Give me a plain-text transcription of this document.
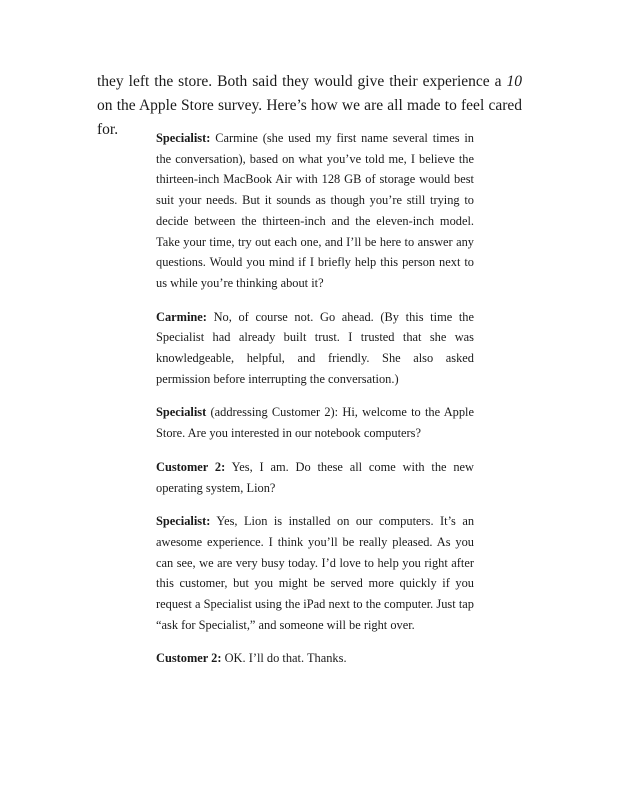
they left the store. Both said they would give their experience a 10 on the Apple Store survey. Here’s how we are all made to feel cared for.	Specialist: Carmine (she used my first name several times in the conversation), based on what you’ve told me, I believe the thirteen-inch MacBook Air with 128 GB of storage would best suit your needs. But it sounds as though you’re still trying to decide between the thirteen-inch and the eleven-inch model. Take your time, try out each one, and I’ll be here to answer any questions. Would you mind if I briefly help this person next to us while you’re thinking about it?

Carmine: No, of course not. Go ahead. (By this time the Specialist had already built trust. I trusted that she was knowledgeable, helpful, and friendly. She also asked permission before interrupting the conversation.)

Specialist (addressing Customer 2): Hi, welcome to the Apple Store. Are you interested in our notebook computers?

Customer 2: Yes, I am. Do these all come with the new operating system, Lion?

Specialist: Yes, Lion is installed on our computers. It’s an awesome experience. I think you’ll be really pleased. As you can see, we are very busy today. I’d love to help you right after this customer, but you might be served more quickly if you request a Specialist using the iPad next to the computer. Just tap “ask for Specialist,” and someone will be right over.

Customer 2: OK. I’ll do that. Thanks.
